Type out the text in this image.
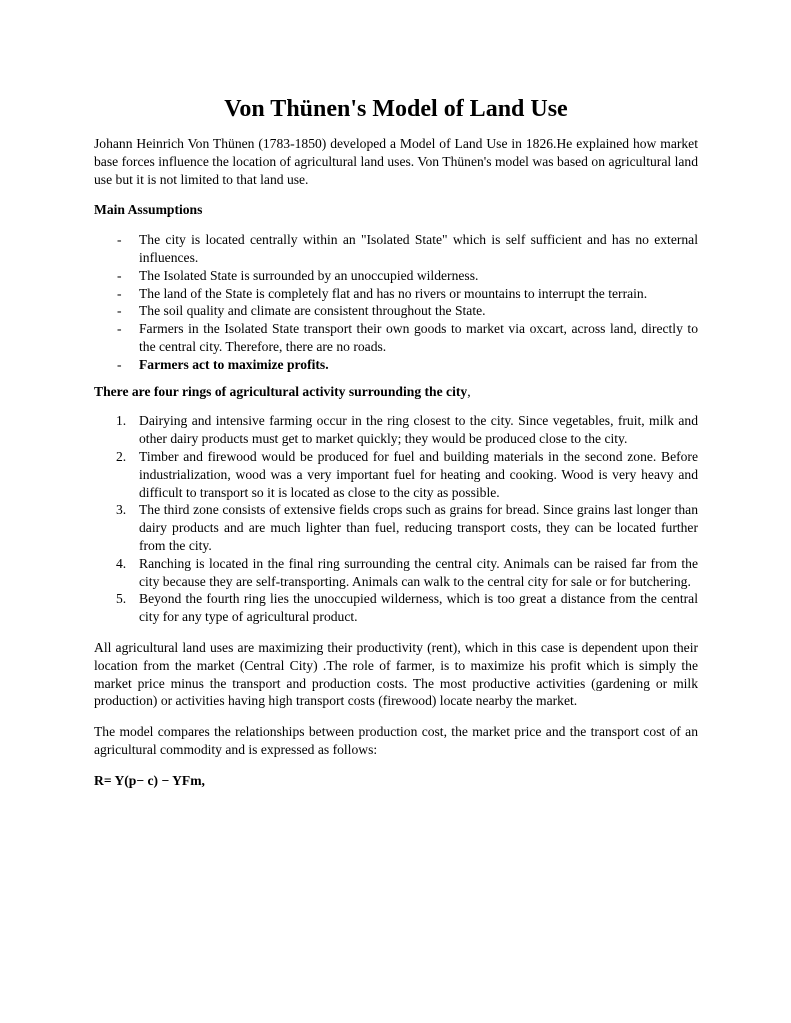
Von Thünen's Model of Land Use

Johann Heinrich Von Thünen (1783-1850) developed a Model of Land Use in 1826.He explained how market base forces influence the location of agricultural land uses. Von Thünen's model was based on agricultural land use but it is not limited to that land use.

Main Assumptions
- The city is located centrally within an "Isolated State" which is self sufficient and has no external influences.
- The Isolated State is surrounded by an unoccupied wilderness.
- The land of the State is completely flat and has no rivers or mountains to interrupt the terrain.
- The soil quality and climate are consistent throughout the State.
- Farmers in the Isolated State transport their own goods to market via oxcart, across land, directly to the central city. Therefore, there are no roads.
- Farmers act to maximize profits.
There are four rings of agricultural activity surrounding the city,
1. Dairying and intensive farming occur in the ring closest to the city. Since vegetables, fruit, milk and other dairy products must get to market quickly; they would be produced close to the city.
2. Timber and firewood would be produced for fuel and building materials in the second zone. Before industrialization, wood was a very important fuel for heating and cooking. Wood is very heavy and difficult to transport so it is located as close to the city as possible.
3. The third zone consists of extensive fields crops such as grains for bread. Since grains last longer than dairy products and are much lighter than fuel, reducing transport costs, they can be located further from the city.
4. Ranching is located in the final ring surrounding the central city. Animals can be raised far from the city because they are self-transporting. Animals can walk to the central city for sale or for butchering.
5. Beyond the fourth ring lies the unoccupied wilderness, which is too great a distance from the central city for any type of agricultural product.

All agricultural land uses are maximizing their productivity (rent), which in this case is dependent upon their location from the market (Central City) .The role of farmer, is to maximize his profit which is simply the market price minus the transport and production costs. The most productive activities (gardening or milk production) or activities having high transport costs (firewood) locate nearby the market.

The model compares the relationships between production cost, the market price and the transport cost of an agricultural commodity and is expressed as follows:

R= Y(p− c) − YFm,
